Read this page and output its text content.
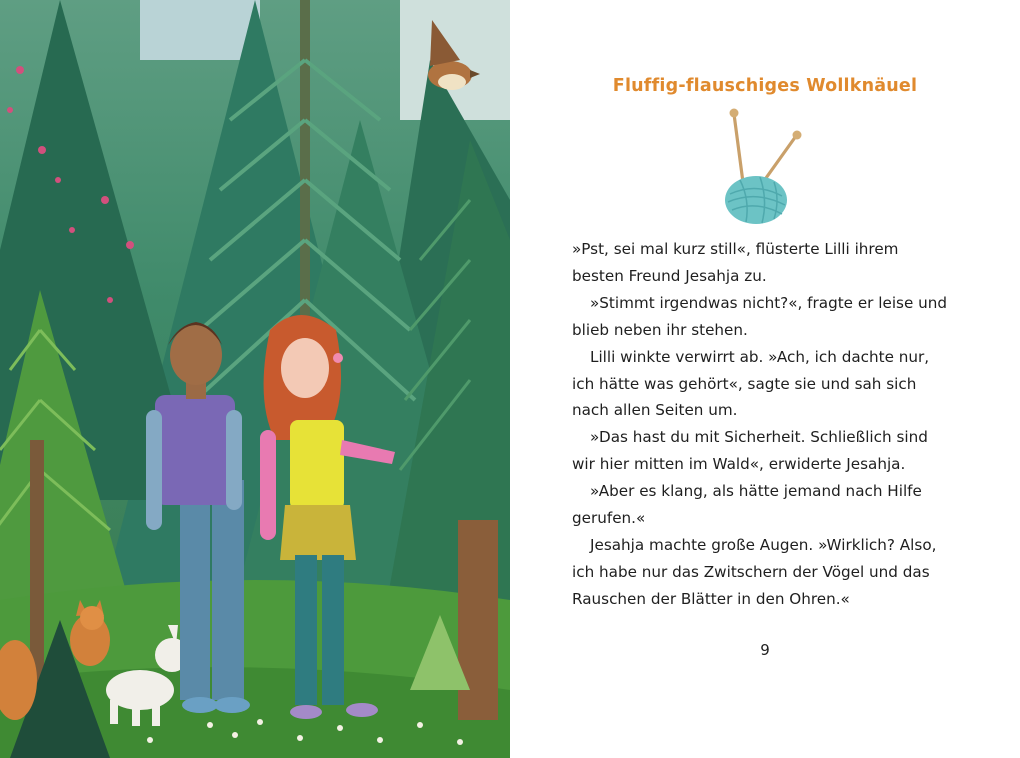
Fluffig-flauschiges Wollknäuel

»Pst, sei mal kurz still«, flüsterte Lilli ihrem besten Freund Jesahja zu.

»Stimmt irgendwas nicht?«, fragte er leise und blieb neben ihr stehen.

Lilli winkte verwirrt ab. »Ach, ich dachte nur, ich hätte was gehört«, sagte sie und sah sich nach allen Seiten um.

»Das hast du mit Sicherheit. Schließlich sind wir hier mitten im Wald«, erwiderte Jesahja.

»Aber es klang, als hätte jemand nach Hilfe gerufen.«

Jesahja machte große Augen. »Wirklich? Also, ich habe nur das Zwitschern der Vögel und das Rauschen der Blätter in den Ohren.«

9
